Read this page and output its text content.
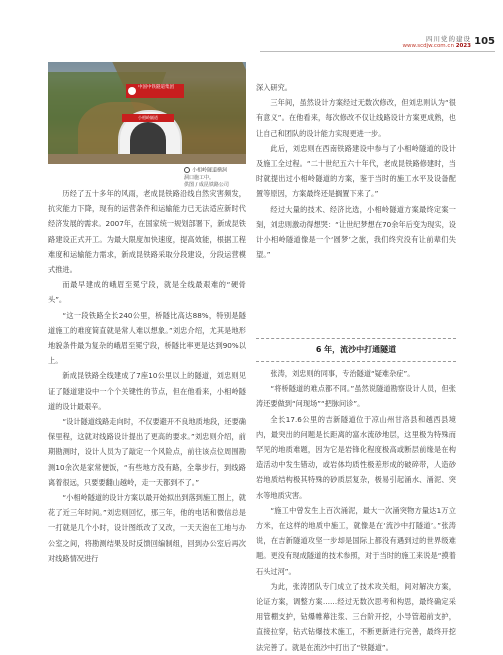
四川党的建设
www.scdjw.com.cn 2023 105
中国中铁隧道集团
小相岭隧道
小相岭隧道横洞
洞口施工中。
供图 / 成昆铁路公司

历经了五十多年的风雨，老成昆铁路沿线自然灾害频发，抗灾能力下降，现有的运营条件和运输能力已无法适应新时代经济发展的需求。2007年，在国家统一规划部署下，新成昆铁路建设正式开工。为最大限度加快速度，提高效能，根据工程难度和运输能力需求，新成昆铁路采取分段建设，分段运营模式推进。

而最早建成的峨眉至冕宁段，就是全线最艰难的“硬骨头”。

“这一段铁路全长240公里，桥隧比高达88%，特别是隧道施工的难度简直就是常人难以想象。”刘忠介绍，尤其是地形地貌条件最为复杂的峨眉至冕宁段，桥隧比率更是达到90%以上。

新成昆铁路全线建成了7座10公里以上的隧道，刘忠则见证了隧道建设中一个个关键性的节点，但在他看来，小相岭隧道的设计最艰辛。

“设计隧道线路走向时，不仅要避开不良地质地段，还要确保里程，这就对线路设计提出了更高的要求。”刘忠则介绍，前期勘测时，设计人员为了敲定一个风险点，前往该点位周围勘测10余次是家常便饭，“有些地方没有路，全靠步行，到线路离着很远，只要要翻山越岭，走一天都到不了。”

“小相岭隧道的设计方案以最开始拟出到落到施工图上，就花了近三年时间。”刘忠则回忆，那三年，他的电话和微信总是一打就是几个小时，设计图纸改了又改，一天天泡在工地与办公室之间，将勘测结果及时反馈回编制组，回到办公室后再次对线路情况进行

深入研究。

三年间，虽然设计方案经过无数次修改，但刘忠则认为“很有意义”。在他看来，每次修改不仅让线路设计方案更成熟，也让自己和团队的设计能力实现更进一步。

此后，刘忠则在西南铁路建设中参与了小相岭隧道的设计及施工全过程。“二十世纪五六十年代，老成昆铁路修建时，当时就提出过小相岭隧道的方案，鉴于当时的施工水平及设备配置等原因，方案最终还是搁置下来了。”

经过大量的技术、经济比选，小相岭隧道方案最终定案一刻，刘忠则激动得想哭：“让世纪梦想在70余年后变为现实，设计小相岭隧道像是一个‘圆梦’之旅，我们终究没有让前辈们失望。”

6 年，流沙中打通隧道

张涛，刘忠则的同事，专治隧道“疑难杂症”。

“将桥隧道的难点都不同。”虽然说隧道勘察设计人员，但张涛还要做到“问现场”“把脉问诊”。

全长17.6公里的吉新隧道位于凉山州甘洛县和越西县境内，最突出的问题是长距离的富水流砂地层，这里极为特殊而罕见的地质难题，因为它是岩锋化程度极高或断层前缘是在构造活动中发生错动，或岩体均质性极差形成的破碎带，人造砂岩地质结构极其特殊的砂质层复杂，极易引起涌水、涌泥、突水等地质灾害。

“施工中曾发生上百次涌泥，最大一次涌突物方量达1万立方米，在这样的地质中施工，就像是在‘流沙中打隧道’。”张涛说，在吉新隧道攻坚一步却是国际上都没有遇到过的世界级难题。更没有现成隧道的技术参照，对于当时的施工来说是“摸着石头过河”。

为此，张涛团队专门成立了技术攻关组，间对解决方案，论证方案，调整方案……经过无数次思考和构思，最终确定采用管棚支护，钻爆帷幕注浆、三台阶开挖，小导管超前支护，直接拉穿，钻式钻爆技术施工，不断更新进行完善，最终开挖法完善了。就是在流沙中打出了“铁隧道”。
